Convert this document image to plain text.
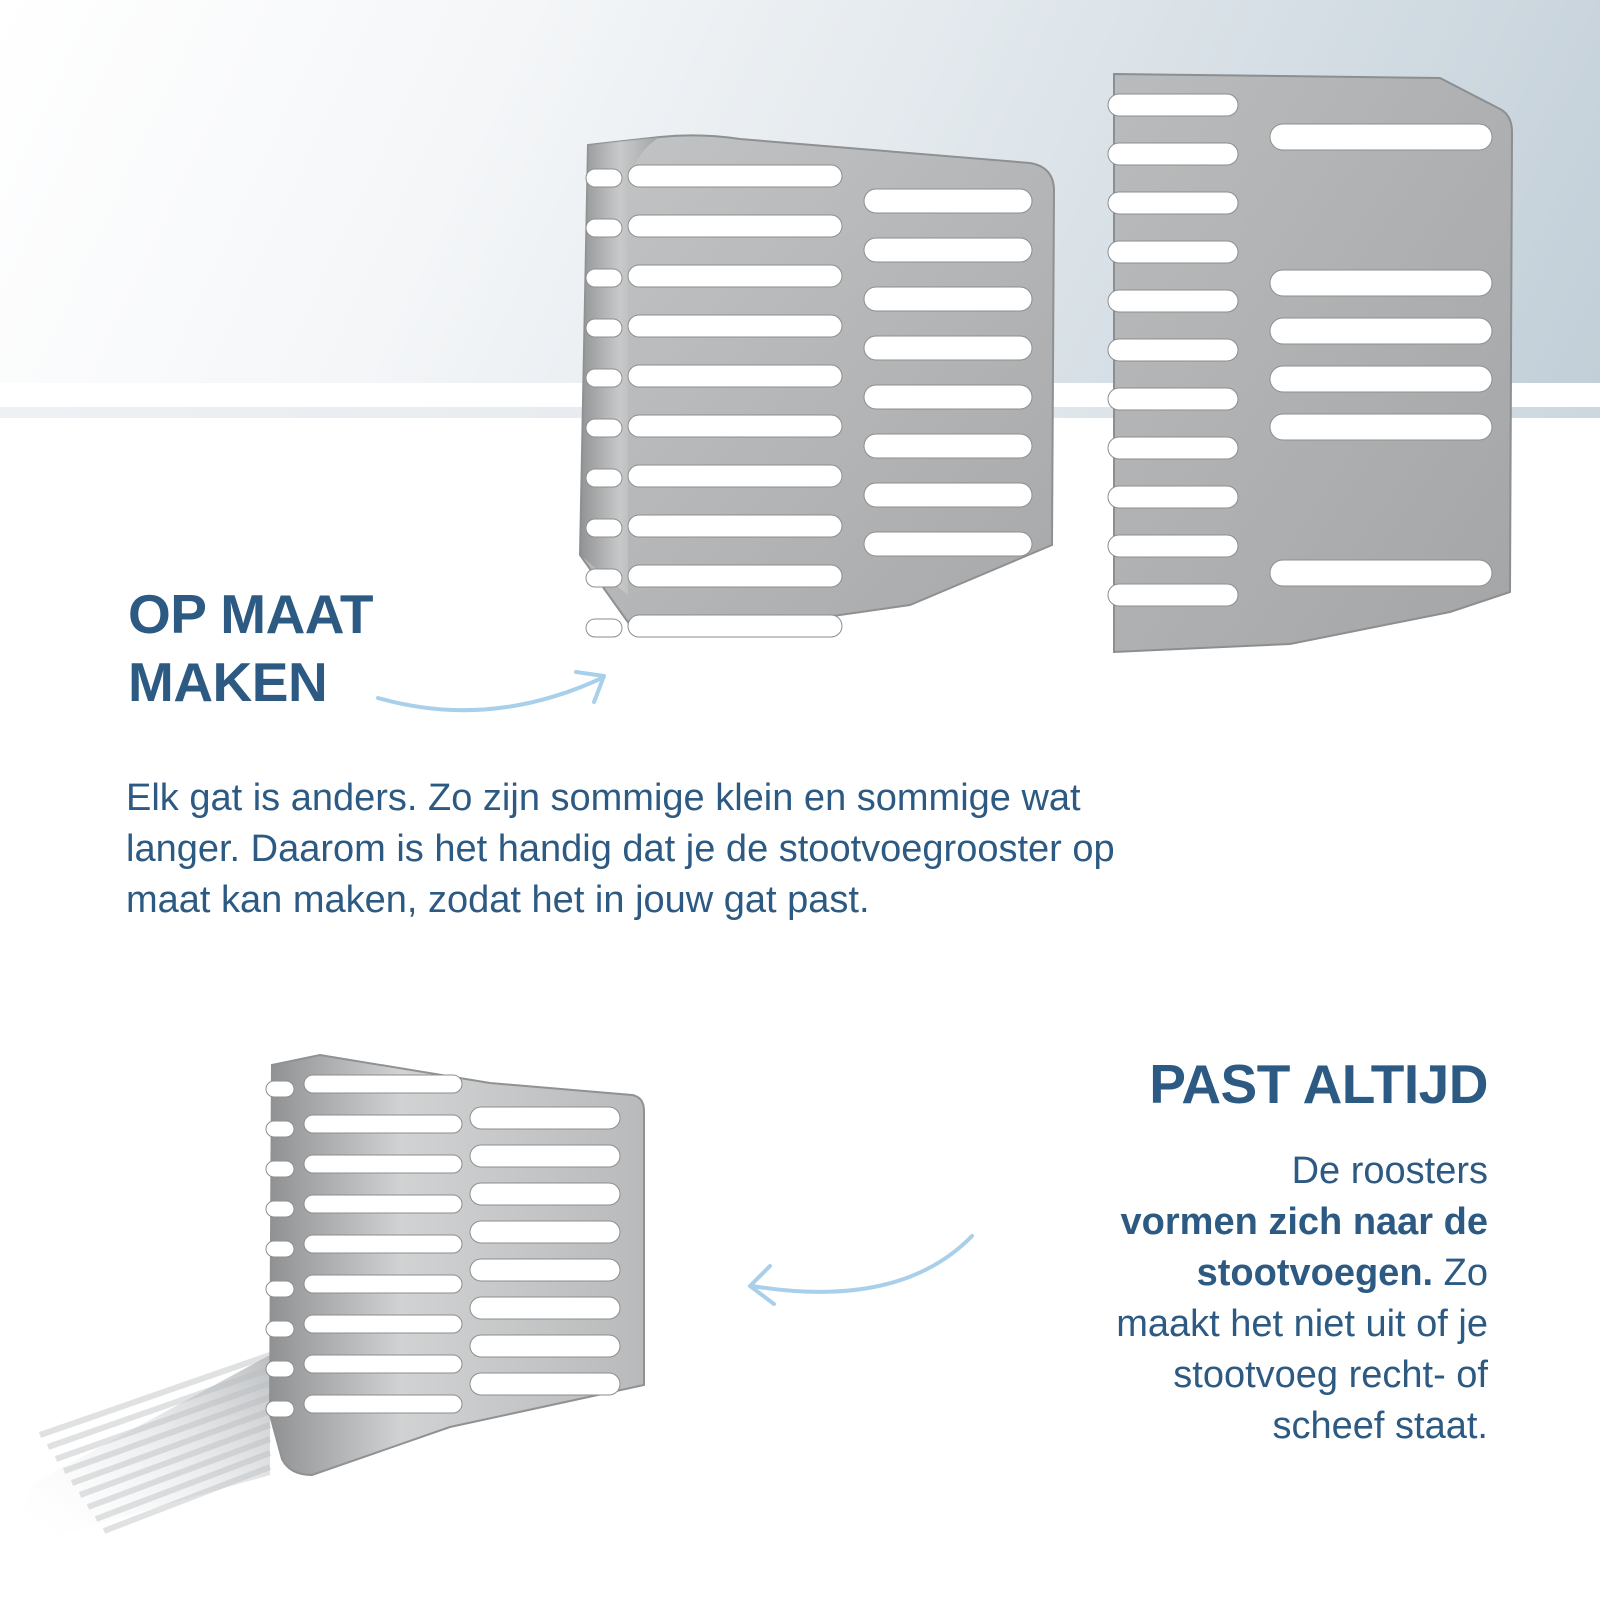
OP MAAT
MAKEN

Elk gat is anders. Zo zijn sommige klein en sommige wat

langer. Daarom is het handig dat je de stootvoegrooster op

maat kan maken, zodat het in jouw gat past.

PAST ALTIJD

De roosters

vormen zich naar de

stootvoegen. Zo

maakt het niet uit of je

stootvoeg recht- of

scheef staat.
